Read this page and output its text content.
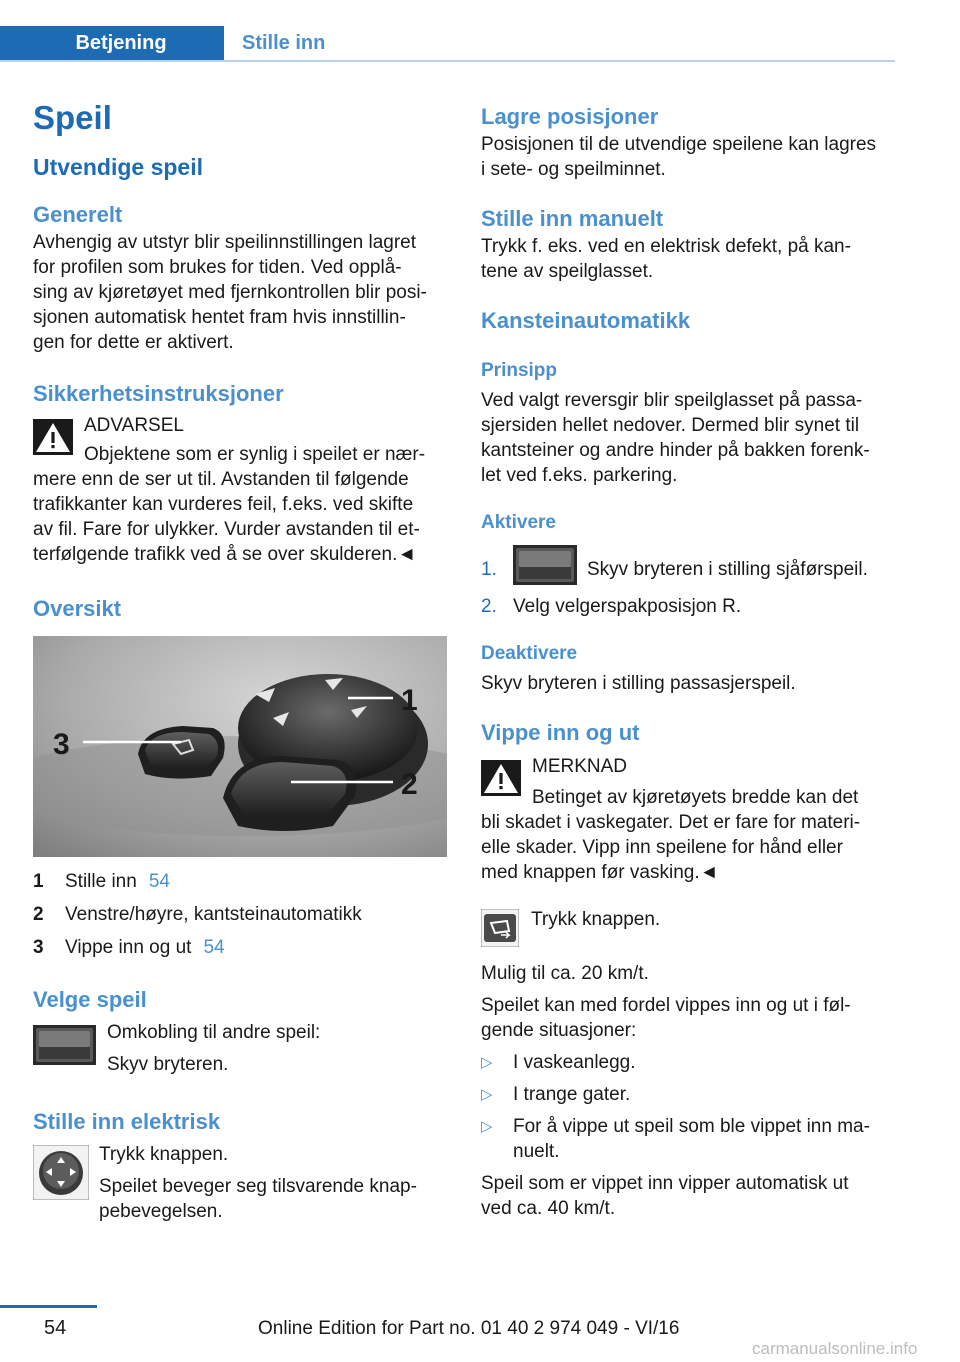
Betjening	Stille inn
Speil
Utvendige speil
Generelt

Avhengig av utstyr blir speilinnstillingen lagret

for profilen som brukes for tiden. Ved opplå-

sing av kjøretøyet med fjernkontrollen blir posi-

sjonen automatisk hentet fram hvis innstillin-

gen for dette er aktivert.

Sikkerhetsinstruksjoner

ADVARSEL

Objektene som er synlig i speilet er nær-

mere enn de ser ut til. Avstanden til følgende

trafikkanter kan vurderes feil, f.eks. ved skifte

av fil. Fare for ulykker. Vurder avstanden til et-

terfølgende trafikk ved å se over skulderen.◄

Oversikt
1
2
3
1	Stille inn 54
2	Venstre/høyre, kantsteinautomatikk
3	Vippe inn og ut 54
Velge speil

Omkobling til andre speil:

Skyv bryteren.

Stille inn elektrisk

Trykk knappen.

Speilet beveger seg tilsvarende knap-

pebevegelsen.

Lagre posisjoner

Posisjonen til de utvendige speilene kan lagres

i sete- og speilminnet.

Stille inn manuelt

Trykk f. eks. ved en elektrisk defekt, på kan-

tene av speilglasset.

Kansteinautomatikk
Prinsipp

Ved valgt reversgir blir speilglasset på passa-

sjersiden hellet nedover. Dermed blir synet til

kantsteiner og andre hinder på bakken forenk-

let ved f.eks. parkering.

Aktivere
1.	Skyv bryteren i stilling sjåførspeil.
2. Velg velgerspakposisjon R.
Deaktivere

Skyv bryteren i stilling passasjerspeil.

Vippe inn og ut

MERKNAD

Betinget av kjøretøyets bredde kan det

bli skadet i vaskegater. Det er fare for materi-

elle skader. Vipp inn speilene for hånd eller

med knappen før vasking.◄

Trykk knappen.

Mulig til ca. 20 km/t.

Speilet kan med fordel vippes inn og ut i føl-

gende situasjoner:

▷	I vaskeanlegg.
▷	I trange gater.
▷	For å vippe ut speil som ble vippet inn ma-

nuelt.

Speil som er vippet inn vipper automatisk ut

ved ca. 40 km/t.

54	Online Edition for Part no. 01 40 2 974 049 - VI/16
carmanualsonline.info
